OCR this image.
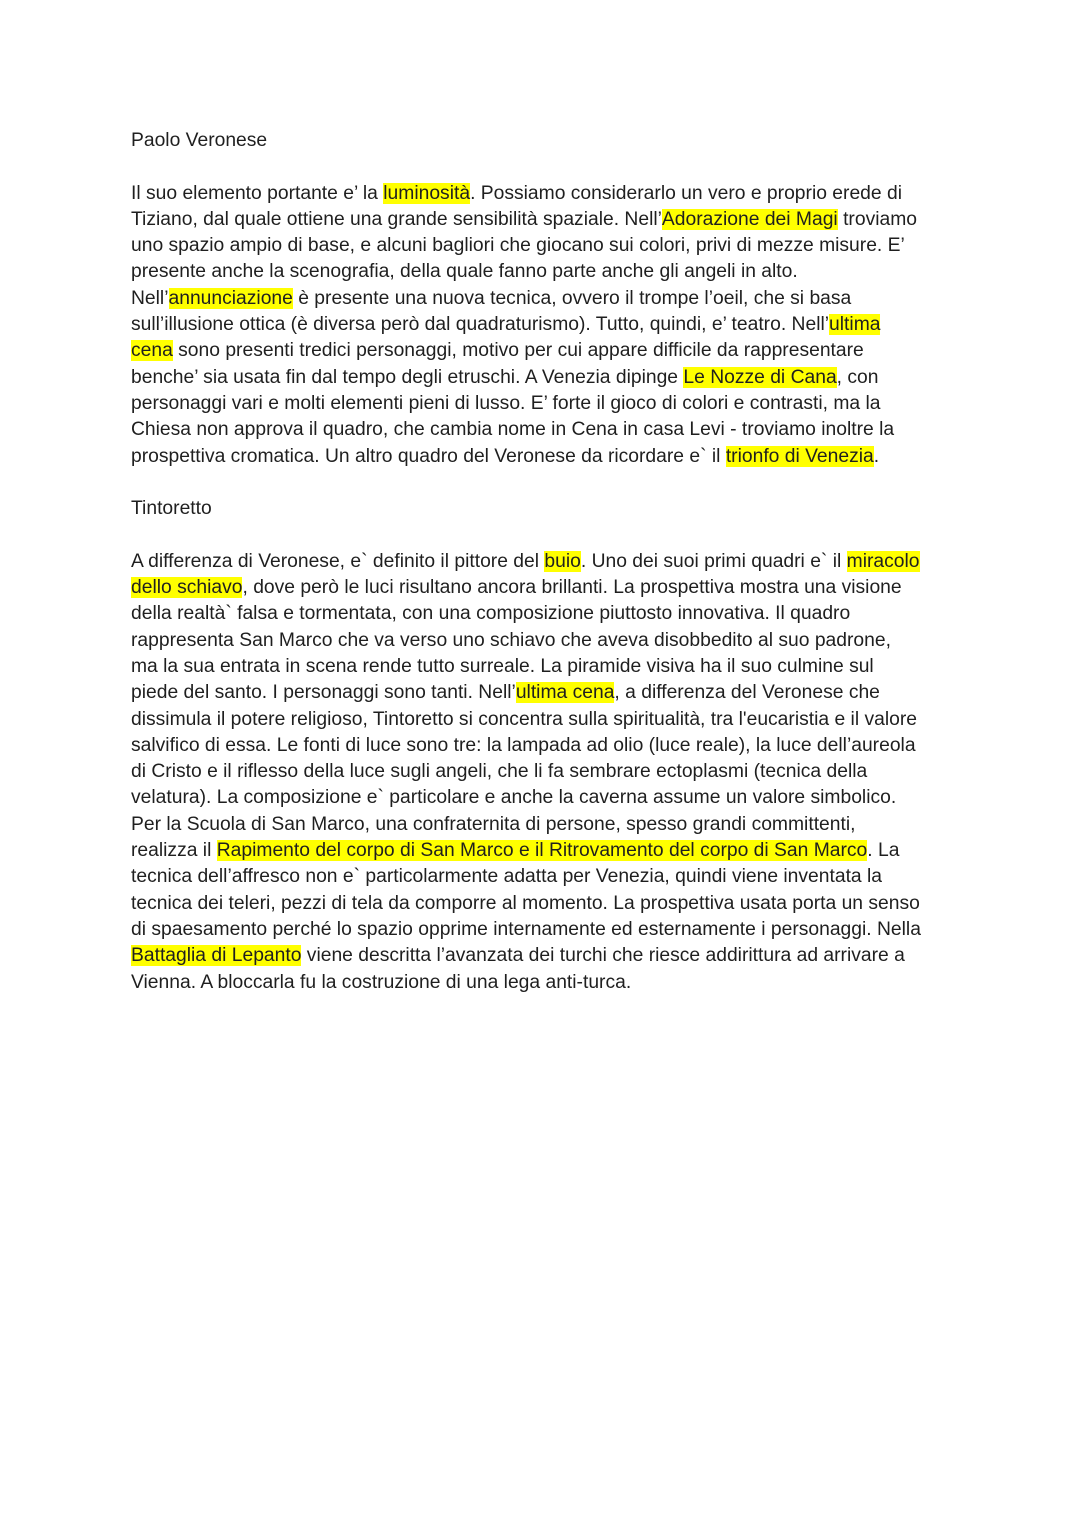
Paolo Veronese
Il suo elemento portante e’ la luminosità. Possiamo considerarlo un vero e proprio erede di
Tiziano, dal quale ottiene una grande sensibilità spaziale. Nell’Adorazione dei Magi troviamo
uno spazio ampio di base, e alcuni bagliori che giocano sui colori, privi di mezze misure. E’
presente anche la scenografia, della quale fanno parte anche gli angeli in alto.
Nell’annunciazione è presente una nuova tecnica, ovvero il trompe l’oeil, che si basa
sull’illusione ottica (è diversa però dal quadraturismo). Tutto, quindi, e’ teatro. Nell’ultima
cena sono presenti tredici personaggi, motivo per cui appare difficile da rappresentare
benche’ sia usata fin dal tempo degli etruschi. A Venezia dipinge Le Nozze di Cana, con
personaggi vari e molti elementi pieni di lusso. E’ forte il gioco di colori e contrasti, ma la
Chiesa non approva il quadro, che cambia nome in Cena in casa Levi - troviamo inoltre la
prospettiva cromatica. Un altro quadro del Veronese da ricordare e` il trionfo di Venezia.
Tintoretto
A differenza di Veronese, e` definito il pittore del buio. Uno dei suoi primi quadri e` il miracolo
dello schiavo, dove però le luci risultano ancora brillanti. La prospettiva mostra una visione
della realtà` falsa e tormentata, con una composizione piuttosto innovativa. Il quadro
rappresenta San Marco che va verso uno schiavo che aveva disobbedito al suo padrone,
ma la sua entrata in scena rende tutto surreale. La piramide visiva ha il suo culmine sul
piede del santo. I personaggi sono tanti. Nell’ultima cena, a differenza del Veronese che
dissimula il potere religioso, Tintoretto si concentra sulla spiritualità, tra l'eucaristia e il valore
salvifico di essa. Le fonti di luce sono tre: la lampada ad olio (luce reale), la luce dell’aureola
di Cristo e il riflesso della luce sugli angeli, che li fa sembrare ectoplasmi (tecnica della
velatura). La composizione e` particolare e anche la caverna assume un valore simbolico.
Per la Scuola di San Marco, una confraternita di persone, spesso grandi committenti,
realizza il Rapimento del corpo di San Marco e il Ritrovamento del corpo di San Marco. La
tecnica dell’affresco non e` particolarmente adatta per Venezia, quindi viene inventata la
tecnica dei teleri, pezzi di tela da comporre al momento. La prospettiva usata porta un senso
di spaesamento perché lo spazio opprime internamente ed esternamente i personaggi. Nella
Battaglia di Lepanto viene descritta l’avanzata dei turchi che riesce addirittura ad arrivare a
Vienna. A bloccarla fu la costruzione di una lega anti-turca.
